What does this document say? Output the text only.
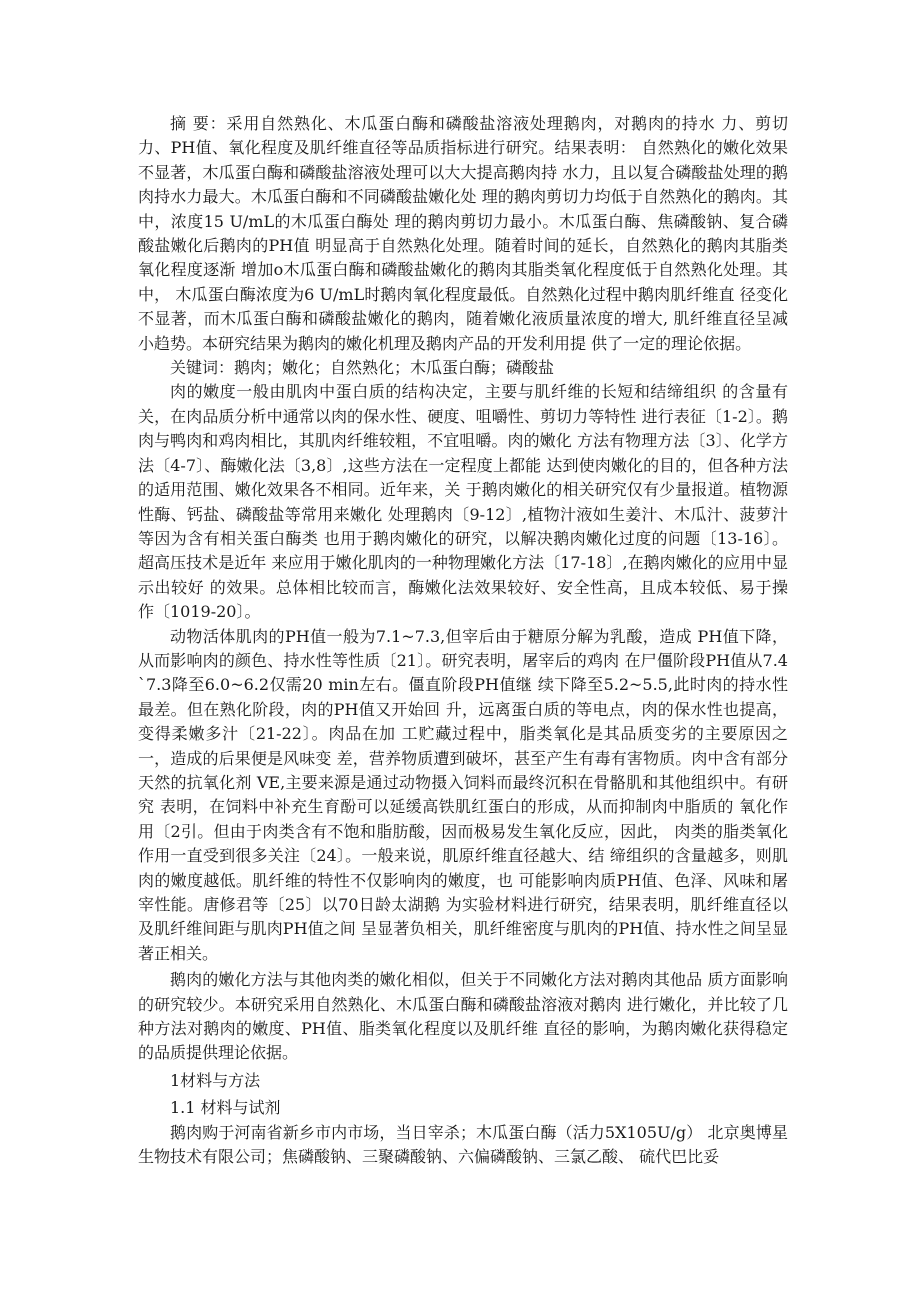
摘 要：采用自然熟化、木瓜蛋白酶和磷酸盐溶液处理鹅肉，对鹅肉的持水 力、剪切力、PH值、氧化程度及肌纤维直径等品质指标进行研究。结果表明： 自然熟化的嫩化效果不显著，木瓜蛋白酶和磷酸盐溶液处理可以大大提高鹅肉持 水力，且以复合磷酸盐处理的鹅肉持水力最大。木瓜蛋白酶和不同磷酸盐嫩化处 理的鹅肉剪切力均低于自然熟化的鹅肉。其中，浓度15 U/mL的木瓜蛋白酶处 理的鹅肉剪切力最小。木瓜蛋白酶、焦磷酸钠、复合磷酸盐嫩化后鹅肉的PH值 明显高于自然熟化处理。随着时间的延长，自然熟化的鹅肉其脂类氧化程度逐渐 增加o木瓜蛋白酶和磷酸盐嫩化的鹅肉其脂类氧化程度低于自然熟化处理。其中， 木瓜蛋白酶浓度为6 U/mL时鹅肉氧化程度最低。自然熟化过程中鹅肉肌纤维直 径变化不显著，而木瓜蛋白酶和磷酸盐嫩化的鹅肉，随着嫩化液质量浓度的增大, 肌纤维直径呈减小趋势。本研究结果为鹅肉的嫩化机理及鹅肉产品的开发利用提 供了一定的理论依据。

关键词：鹅肉；嫩化；自然熟化；木瓜蛋白酶；磷酸盐

肉的嫩度一般由肌肉中蛋白质的结构决定，主要与肌纤维的长短和结缔组织 的含量有关，在肉品质分析中通常以肉的保水性、硬度、咀嚼性、剪切力等特性 进行表征〔1-2〕。鹅肉与鸭肉和鸡肉相比，其肌肉纤维较粗，不宜咀嚼。肉的嫩化 方法有物理方法〔3〕、化学方法〔4-7〕、酶嫩化法〔3,8〕,这些方法在一定程度上都能 达到使肉嫩化的目的，但各种方法的适用范围、嫩化效果各不相同。近年来，关 于鹅肉嫩化的相关研究仅有少量报道。植物源性酶、钙盐、磷酸盐等常用来嫩化 处理鹅肉〔9-12〕,植物汁液如生姜汁、木瓜汁、菠萝汁等因为含有相关蛋白酶类 也用于鹅肉嫩化的研究，以解决鹅肉嫩化过度的问题〔13-16〕。超高压技术是近年 来应用于嫩化肌肉的一种物理嫩化方法〔17-18〕,在鹅肉嫩化的应用中显示出较好 的效果。总体相比较而言，酶嫩化法效果较好、安全性高，且成本较低、易于操 作〔1019-20〕。

动物活体肌肉的PH值一般为7.1~7.3,但宰后由于糖原分解为乳酸，造成 PH值下降，从而影响肉的颜色、持水性等性质〔21〕。研究表明，屠宰后的鸡肉 在尸僵阶段PH值从7.4 `7.3降至6.0~6.2仅需20 min左右。僵直阶段PH值继 续下降至5.2~5.5,此时肉的持水性最差。但在熟化阶段，肉的PH值又开始回 升，远离蛋白质的等电点，肉的保水性也提高，变得柔嫩多汁〔21-22〕。肉品在加 工贮藏过程中，脂类氧化是其品质变劣的主要原因之一，造成的后果便是风味变 差，营养物质遭到破坏，甚至产生有毒有害物质。肉中含有部分天然的抗氧化剂 VE,主要来源是通过动物摄入饲料而最终沉积在骨骼肌和其他组织中。有研究 表明，在饲料中补充生育酚可以延缓高铁肌红蛋白的形成，从而抑制肉中脂质的 氧化作用〔2引。但由于肉类含有不饱和脂肪酸，因而极易发生氧化反应，因此， 肉类的脂类氧化作用一直受到很多关注〔24〕。一般来说，肌原纤维直径越大、结 缔组织的含量越多，则肌肉的嫩度越低。肌纤维的特性不仅影响肉的嫩度，也 可能影响肉质PH值、色泽、风味和屠宰性能。唐修君等〔25〕以70日龄太湖鹅 为实验材料进行研究，结果表明，肌纤维直径以及肌纤维间距与肌肉PH值之间 呈显著负相关，肌纤维密度与肌肉的PH值、持水性之间呈显著正相关。

鹅肉的嫩化方法与其他肉类的嫩化相似，但关于不同嫩化方法对鹅肉其他品 质方面影响的研究较少。本研究采用自然熟化、木瓜蛋白酶和磷酸盐溶液对鹅肉 进行嫩化，并比较了几种方法对鹅肉的嫩度、PH值、脂类氧化程度以及肌纤维 直径的影响，为鹅肉嫩化获得稳定的品质提供理论依据。

1材料与方法

1.1 材料与试剂

鹅肉购于河南省新乡市内市场，当日宰杀；木瓜蛋白酶（活力5X105U/g） 北京奥博星生物技术有限公司；焦磷酸钠、三聚磷酸钠、六偏磷酸钠、三氯乙酸、 硫代巴比妥
